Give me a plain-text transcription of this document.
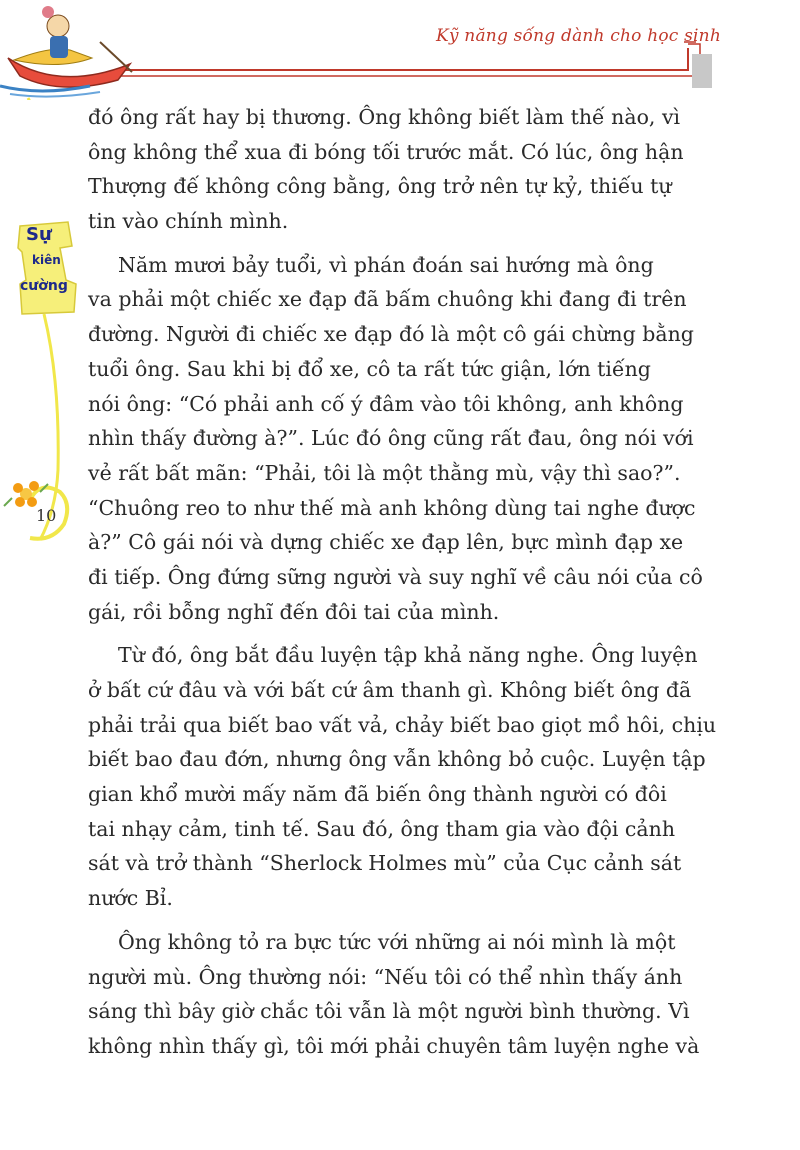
Kỹ năng sống dành cho học sinh
Sự
kiên
cường
10
đó ông rất hay bị thương. Ông không biết làm thế nào, vì
ông không thể xua đi bóng tối trước mắt. Có lúc, ông hận
Thượng đế không công bằng, ông trở nên tự kỷ, thiếu tự
tin vào chính mình.
Năm mươi bảy tuổi, vì phán đoán sai hướng mà ông
va phải một chiếc xe đạp đã bấm chuông khi đang đi trên
đường. Người đi chiếc xe đạp đó là một cô gái chừng bằng
tuổi ông. Sau khi bị đổ xe, cô ta rất tức giận, lớn tiếng
nói ông: “Có phải anh cố ý đâm vào tôi không, anh không
nhìn thấy đường à?”. Lúc đó ông cũng rất đau, ông nói với
vẻ rất bất mãn: “Phải, tôi là một thằng mù, vậy thì sao?”.
“Chuông reo to như thế mà anh không dùng tai nghe được
à?” Cô gái nói và dựng chiếc xe đạp lên, bực mình đạp xe
đi tiếp. Ông đứng sững người và suy nghĩ về câu nói của cô
gái, rồi bỗng nghĩ đến đôi tai của mình.
Từ đó, ông bắt đầu luyện tập khả năng nghe. Ông luyện
ở bất cứ đâu và với bất cứ âm thanh gì. Không biết ông đã
phải trải qua biết bao vất vả, chảy biết bao giọt mồ hôi, chịu
biết bao đau đớn, nhưng ông vẫn không bỏ cuộc. Luyện tập
gian khổ mười mấy năm đã biến ông thành người có đôi
tai nhạy cảm, tinh tế. Sau đó, ông tham gia vào đội cảnh
sát và trở thành “Sherlock Holmes mù” của Cục cảnh sát
nước Bỉ.
Ông không tỏ ra bực tức với những ai nói mình là một
người mù. Ông thường nói: “Nếu tôi có thể nhìn thấy ánh
sáng thì bây giờ chắc tôi vẫn là một người bình thường. Vì
không nhìn thấy gì, tôi mới phải chuyên tâm luyện nghe và
